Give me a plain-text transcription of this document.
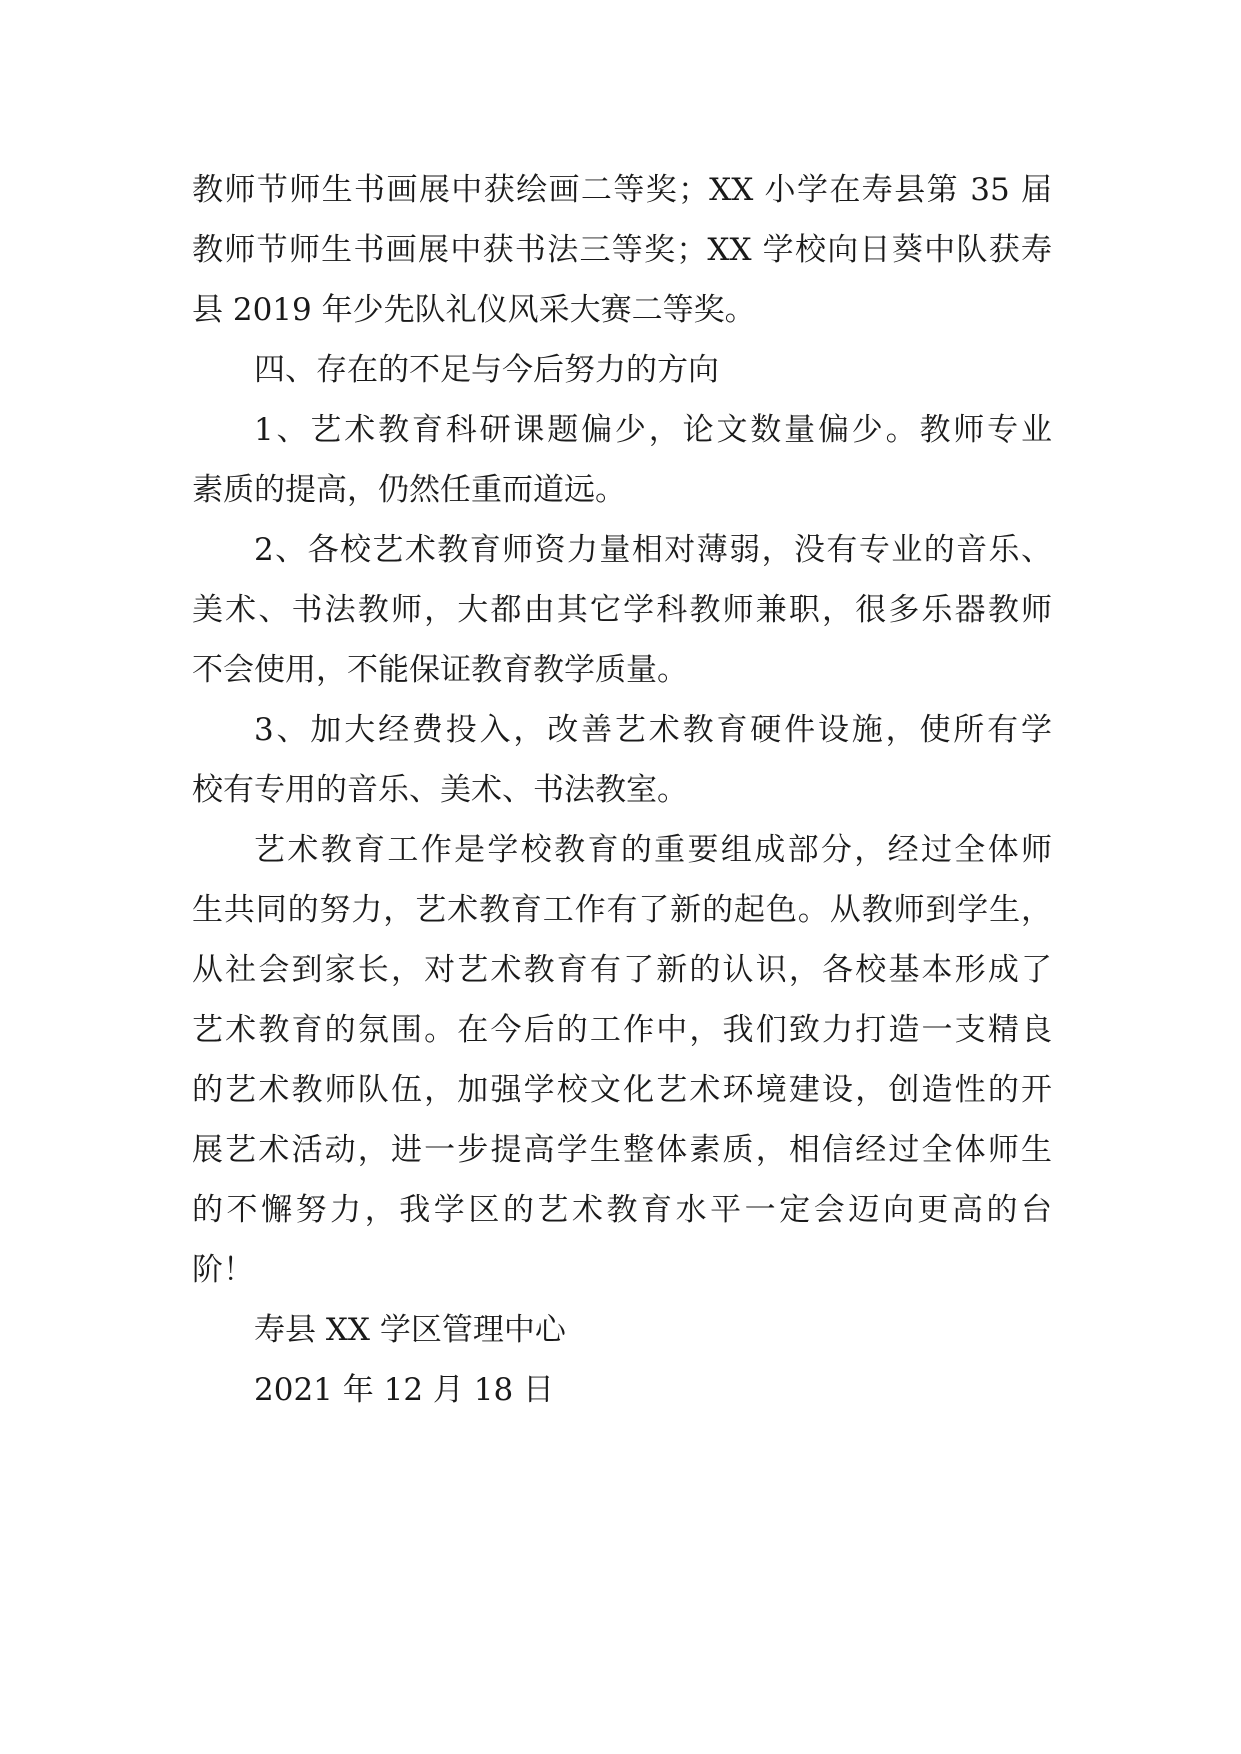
教师节师生书画展中获绘画二等奖；XX 小学在寿县第 35 届
教师节师生书画展中获书法三等奖；XX 学校向日葵中队获寿
县 2019 年少先队礼仪风采大赛二等奖。
四、存在的不足与今后努力的方向
1、艺术教育科研课题偏少，论文数量偏少。教师专业
素质的提高，仍然任重而道远。
2、各校艺术教育师资力量相对薄弱，没有专业的音乐、
美术、书法教师，大都由其它学科教师兼职，很多乐器教师
不会使用，不能保证教育教学质量。
3、加大经费投入，改善艺术教育硬件设施，使所有学
校有专用的音乐、美术、书法教室。
艺术教育工作是学校教育的重要组成部分，经过全体师
生共同的努力，艺术教育工作有了新的起色。从教师到学生，
从社会到家长，对艺术教育有了新的认识，各校基本形成了
艺术教育的氛围。在今后的工作中，我们致力打造一支精良
的艺术教师队伍，加强学校文化艺术环境建设，创造性的开
展艺术活动，进一步提高学生整体素质，相信经过全体师生
的不懈努力，我学区的艺术教育水平一定会迈向更高的台
阶！
寿县 XX 学区管理中心
2021 年 12 月 18 日
